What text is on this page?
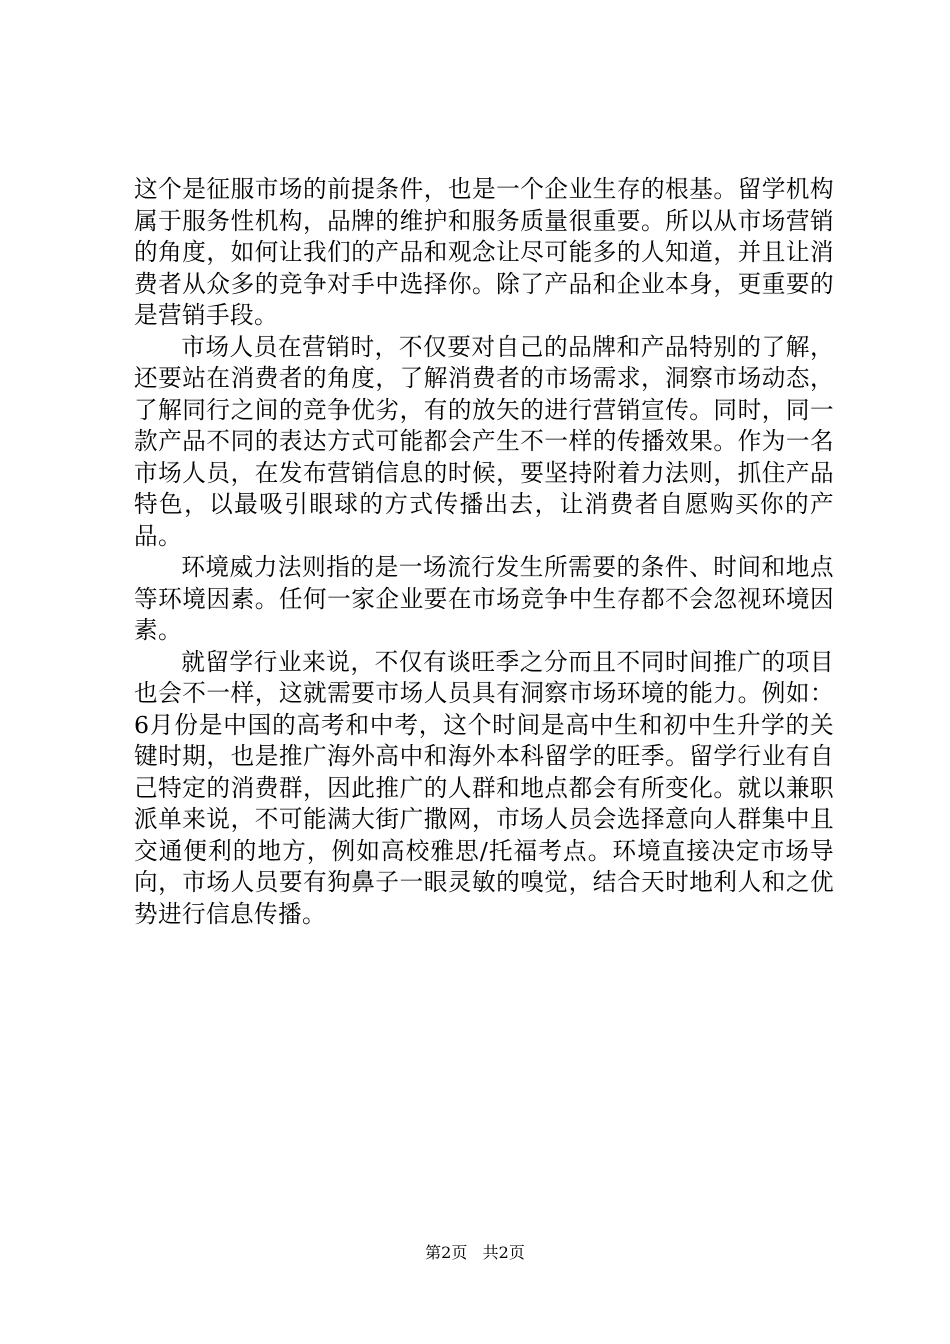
这个是征服市场的前提条件，也是一个企业生存的根基。留学机构属于服务性机构，品牌的维护和服务质量很重要。所以从市场营销的角度，如何让我们的产品和观念让尽可能多的人知道，并且让消费者从众多的竞争对手中选择你。除了产品和企业本身，更重要的是营销手段。

市场人员在营销时，不仅要对自己的品牌和产品特别的了解，还要站在消费者的角度，了解消费者的市场需求，洞察市场动态，了解同行之间的竞争优劣，有的放矢的进行营销宣传。同时，同一款产品不同的表达方式可能都会产生不一样的传播效果。作为一名市场人员，在发布营销信息的时候，要坚持附着力法则，抓住产品特色，以最吸引眼球的方式传播出去，让消费者自愿购买你的产品。

环境威力法则指的是一场流行发生所需要的条件、时间和地点等环境因素。任何一家企业要在市场竞争中生存都不会忽视环境因素。

就留学行业来说，不仅有谈旺季之分而且不同时间推广的项目也会不一样，这就需要市场人员具有洞察市场环境的能力。例如：6月份是中国的高考和中考，这个时间是高中生和初中生升学的关键时期，也是推广海外高中和海外本科留学的旺季。留学行业有自己特定的消费群，因此推广的人群和地点都会有所变化。就以兼职派单来说，不可能满大街广撒网，市场人员会选择意向人群集中且交通便利的地方，例如高校雅思/托福考点。环境直接决定市场导向，市场人员要有狗鼻子一眼灵敏的嗅觉，结合天时地利人和之优势进行信息传播。

第2页 共2页
